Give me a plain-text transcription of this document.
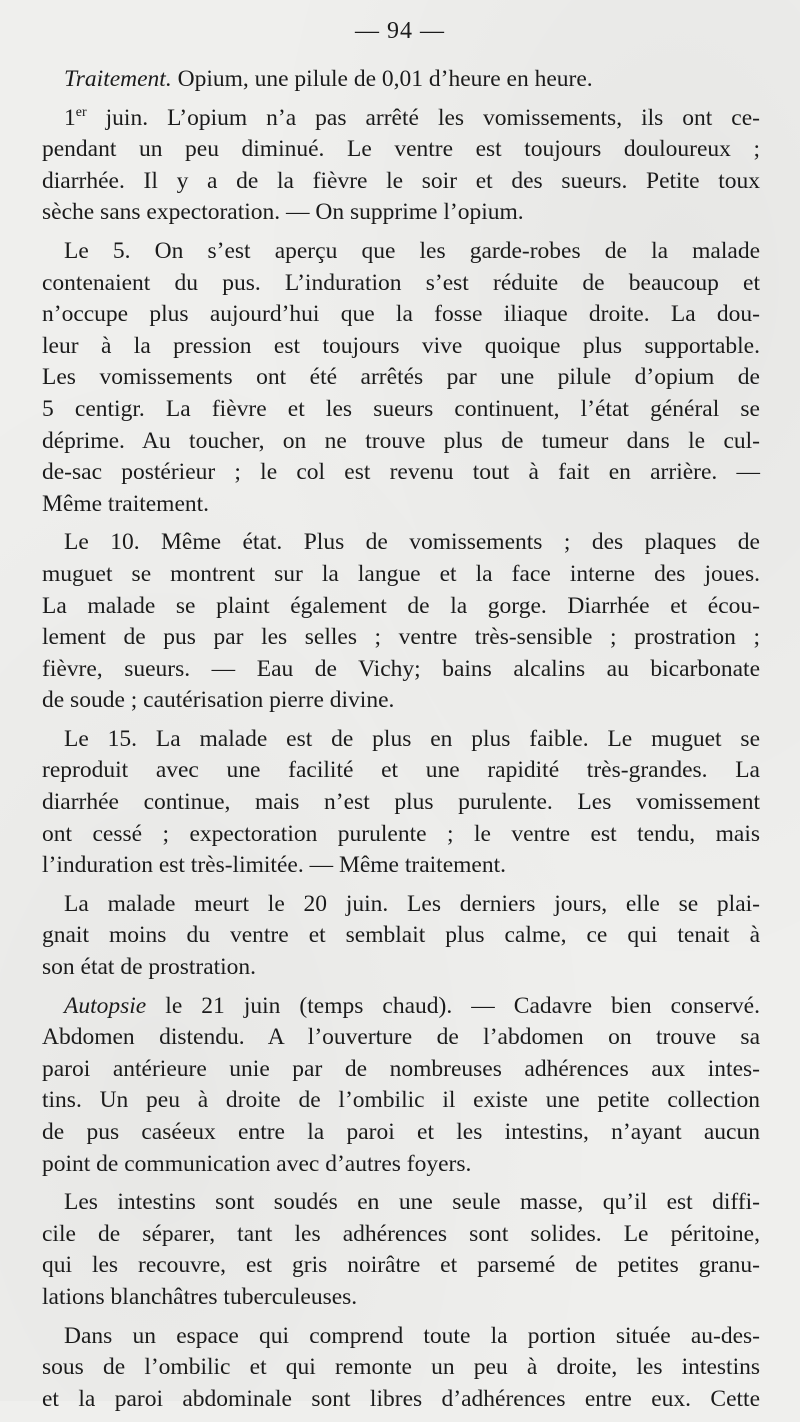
— 94 —
Traitement. Opium, une pilule de 0,01 d’heure en heure.
1er juin. L’opium n’a pas arrêté les vomissements, ils ont ce-
pendant un peu diminué. Le ventre est toujours douloureux ;
diarrhée. Il y a de la fièvre le soir et des sueurs. Petite toux
sèche sans expectoration. — On supprime l’opium.
Le 5. On s’est aperçu que les garde-robes de la malade
contenaient du pus. L’induration s’est réduite de beaucoup et
n’occupe plus aujourd’hui que la fosse iliaque droite. La dou-
leur à la pression est toujours vive quoique plus supportable.
Les vomissements ont été arrêtés par une pilule d’opium de
5 centigr. La fièvre et les sueurs continuent, l’état général se
déprime. Au toucher, on ne trouve plus de tumeur dans le cul-
de-sac postérieur ; le col est revenu tout à fait en arrière. —
Même traitement.
Le 10. Même état. Plus de vomissements ; des plaques de
muguet se montrent sur la langue et la face interne des joues.
La malade se plaint également de la gorge. Diarrhée et écou-
lement de pus par les selles ; ventre très-sensible ; prostration ;
fièvre, sueurs. — Eau de Vichy; bains alcalins au bicarbonate
de soude ; cautérisation pierre divine.
Le 15. La malade est de plus en plus faible. Le muguet se
reproduit avec une facilité et une rapidité très-grandes. La
diarrhée continue, mais n’est plus purulente. Les vomissement
ont cessé ; expectoration purulente ; le ventre est tendu, mais
l’induration est très-limitée. — Même traitement.
La malade meurt le 20 juin. Les derniers jours, elle se plai-
gnait moins du ventre et semblait plus calme, ce qui tenait à
son état de prostration.
Autopsie le 21 juin (temps chaud). — Cadavre bien conservé.
Abdomen distendu. A l’ouverture de l’abdomen on trouve sa
paroi antérieure unie par de nombreuses adhérences aux intes-
tins. Un peu à droite de l’ombilic il existe une petite collection
de pus caséeux entre la paroi et les intestins, n’ayant aucun
point de communication avec d’autres foyers.
Les intestins sont soudés en une seule masse, qu’il est diffi-
cile de séparer, tant les adhérences sont solides. Le péritoine,
qui les recouvre, est gris noirâtre et parsemé de petites granu-
lations blanchâtres tuberculeuses.
Dans un espace qui comprend toute la portion située au-des-
sous de l’ombilic et qui remonte un peu à droite, les intestins
et la paroi abdominale sont libres d’adhérences entre eux. Cette
